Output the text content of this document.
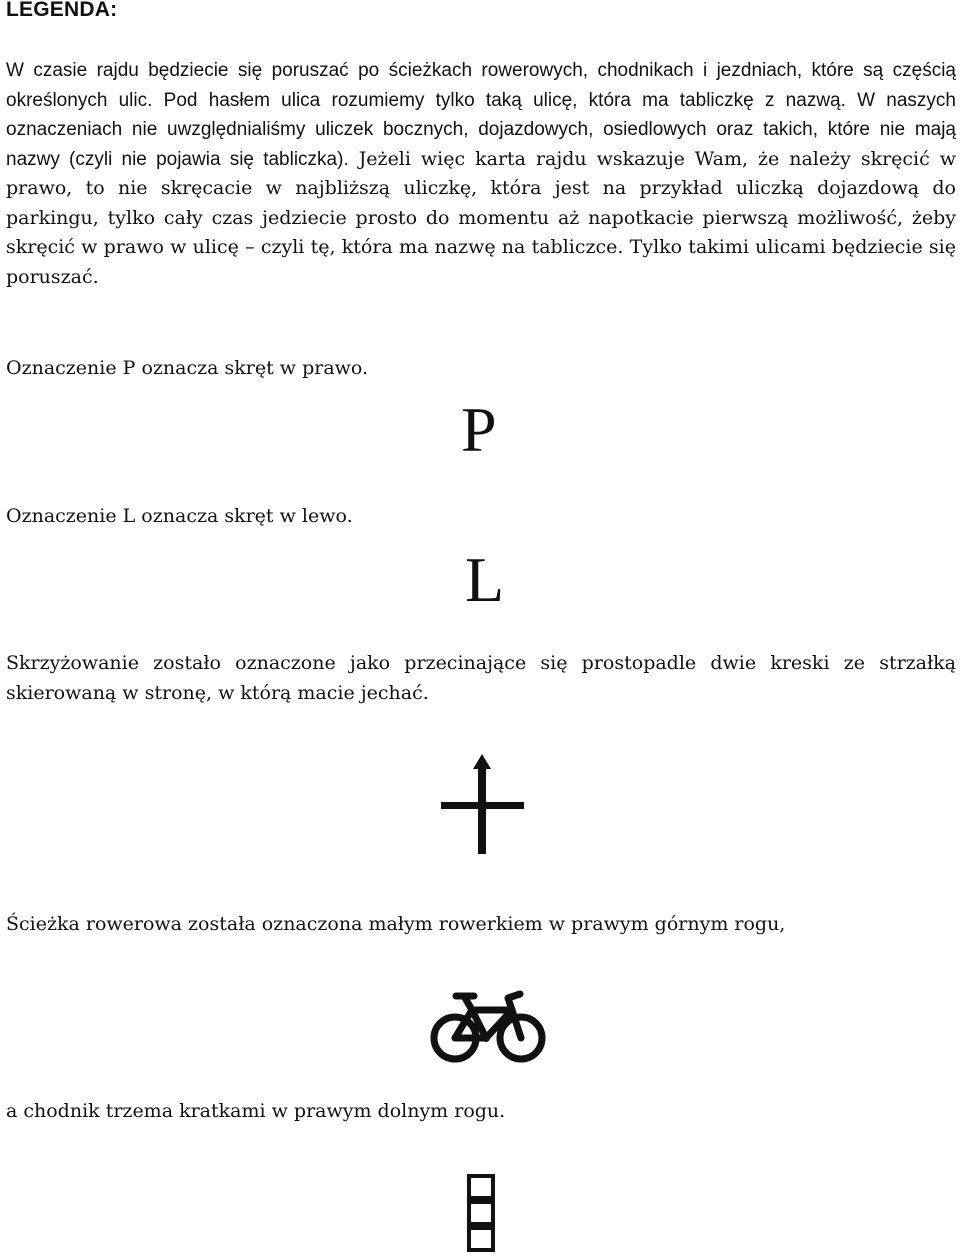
LEGENDA:

W czasie rajdu będziecie się poruszać po ścieżkach rowerowych, chodnikach i jezdniach, które są częścią określonych ulic. Pod hasłem ulica rozumiemy tylko taką ulicę, która ma tabliczkę z nazwą. W naszych oznaczeniach nie uwzględnialiśmy uliczek bocznych, dojazdowych, osiedlowych oraz takich, które nie mają nazwy (czyli nie pojawia się tabliczka). Jeżeli więc karta rajdu wskazuje Wam, że należy skręcić w prawo, to nie skręcacie w najbliższą uliczkę, która jest na przykład uliczką dojazdową do parkingu, tylko cały czas jedziecie prosto do momentu aż napotkacie pierwszą możliwość, żeby skręcić w prawo w ulicę – czyli tę, która ma nazwę na tabliczce. Tylko takimi ulicami będziecie się poruszać.

Oznaczenie P oznacza skręt w prawo.

P

Oznaczenie L oznacza skręt w lewo.

L

Skrzyżowanie zostało oznaczone jako przecinające się prostopadle dwie kreski ze strzałką skierowaną w stronę, w którą macie jechać.

Ścieżka rowerowa została oznaczona małym rowerkiem w prawym górnym rogu,

a chodnik trzema kratkami w prawym dolnym rogu.
